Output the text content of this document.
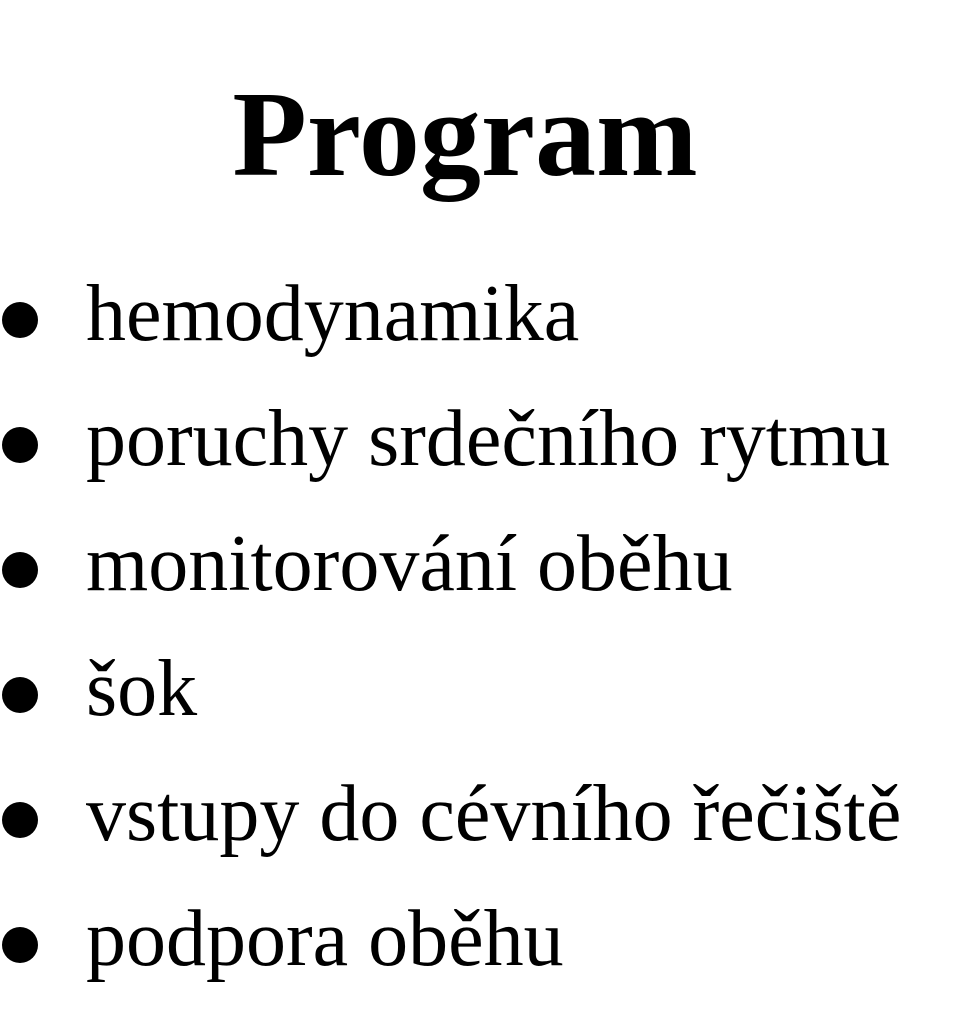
Program
hemodynamika
poruchy srdečního rytmu
monitorování oběhu
šok
vstupy do cévního řečiště
podpora oběhu
